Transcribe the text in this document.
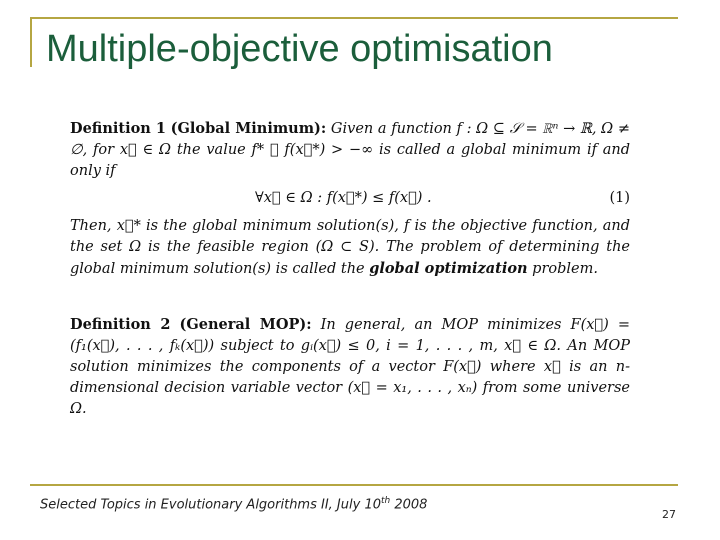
Multiple-objective optimisation

Definition 1 (Global Minimum): Given a function f : Ω ⊆ 𝒮 = ℝⁿ → ℝ, Ω ≠ ∅, for x⃗ ∈ Ω the value f* ≜ f(x⃗*) > −∞ is called a global minimum if and only if

∀x⃗ ∈ Ω : f(x⃗*) ≤ f(x⃗) .	(1)

Then, x⃗* is the global minimum solution(s), f is the objective function, and the set Ω is the feasible region (Ω ⊂ S). The problem of determining the global minimum solution(s) is called the global optimization problem.

Definition 2 (General MOP): In general, an MOP minimizes F(x⃗) = (f₁(x⃗), . . . , fₖ(x⃗)) subject to gᵢ(x⃗) ≤ 0, i = 1, . . . , m, x⃗ ∈ Ω. An MOP solution minimizes the components of a vector F(x⃗) where x⃗ is an n-dimensional decision variable vector (x⃗ = x₁, . . . , xₙ) from some universe Ω.

Selected Topics in Evolutionary Algorithms II, July 10th 2008
27
